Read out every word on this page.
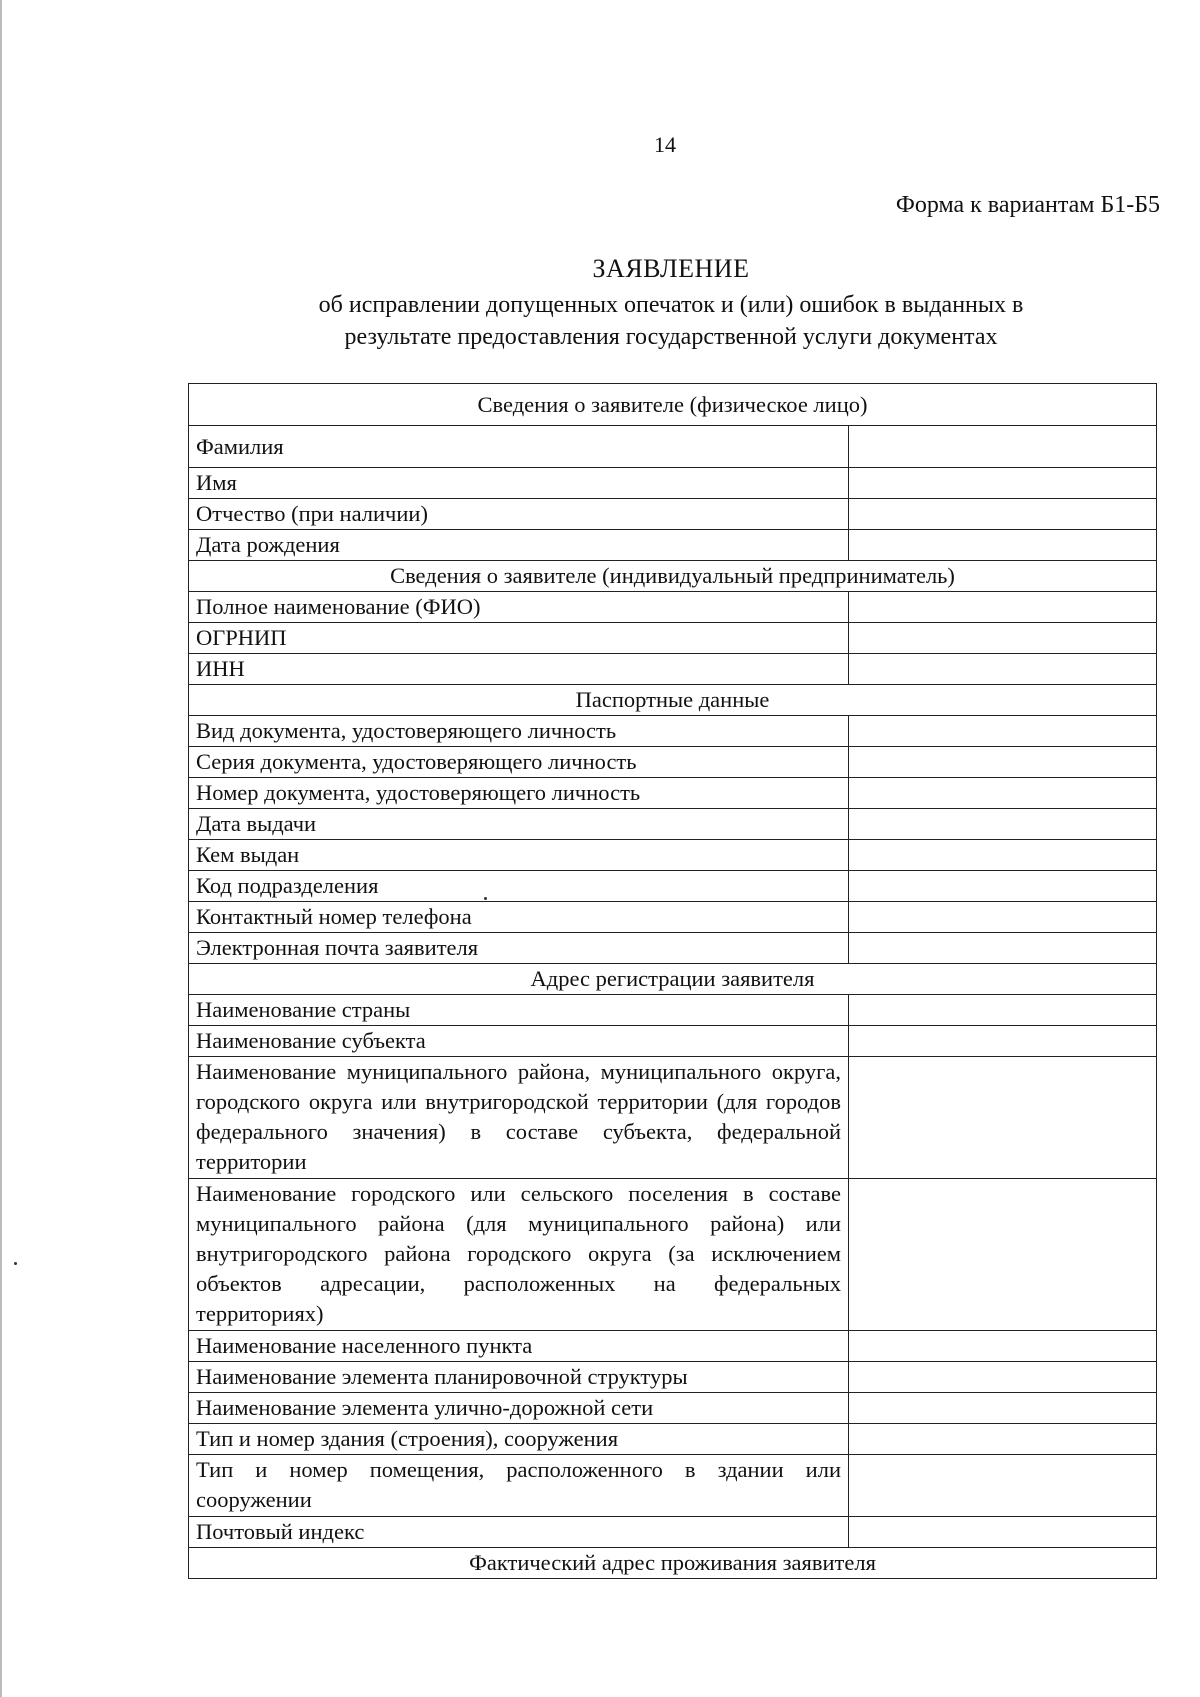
14
Форма к вариантам Б1-Б5
ЗАЯВЛЕНИЕ
об исправлении допущенных опечаток и (или) ошибок в выданных в
результате предоставления государственной услуги документах
Сведения о заявителе (физическое лицо)	
Фамилия	
Имя	
Отчество (при наличии)	
Дата рождения	
Сведения о заявителе (индивидуальный предприниматель)	
Полное наименование (ФИО)	
ОГРНИП	
ИНН	
Паспортные данные	
Вид документа, удостоверяющего личность	
Серия документа, удостоверяющего личность	
Номер документа, удостоверяющего личность	
Дата выдачи	
Кем выдан	
Код подразделения	
Контактный номер телефона	
Электронная почта заявителя	
Адрес регистрации заявителя	
Наименование страны	
Наименование субъекта	
Наименование муниципального района, муниципального округа, городского округа или внутригородской территории (для городов федерального значения) в составе субъекта, федеральной территории	
Наименование городского или сельского поселения в составе муниципального района (для муниципального района) или внутригородского района городского округа (за исключением объектов адресации, расположенных на федеральных территориях)	
Наименование населенного пункта	
Наименование элемента планировочной структуры	
Наименование элемента улично-дорожной сети	
Тип и номер здания (строения), сооружения	
Тип и номер помещения, расположенного в здании или сооружении	
Почтовый индекс	
Фактический адрес проживания заявителя	
